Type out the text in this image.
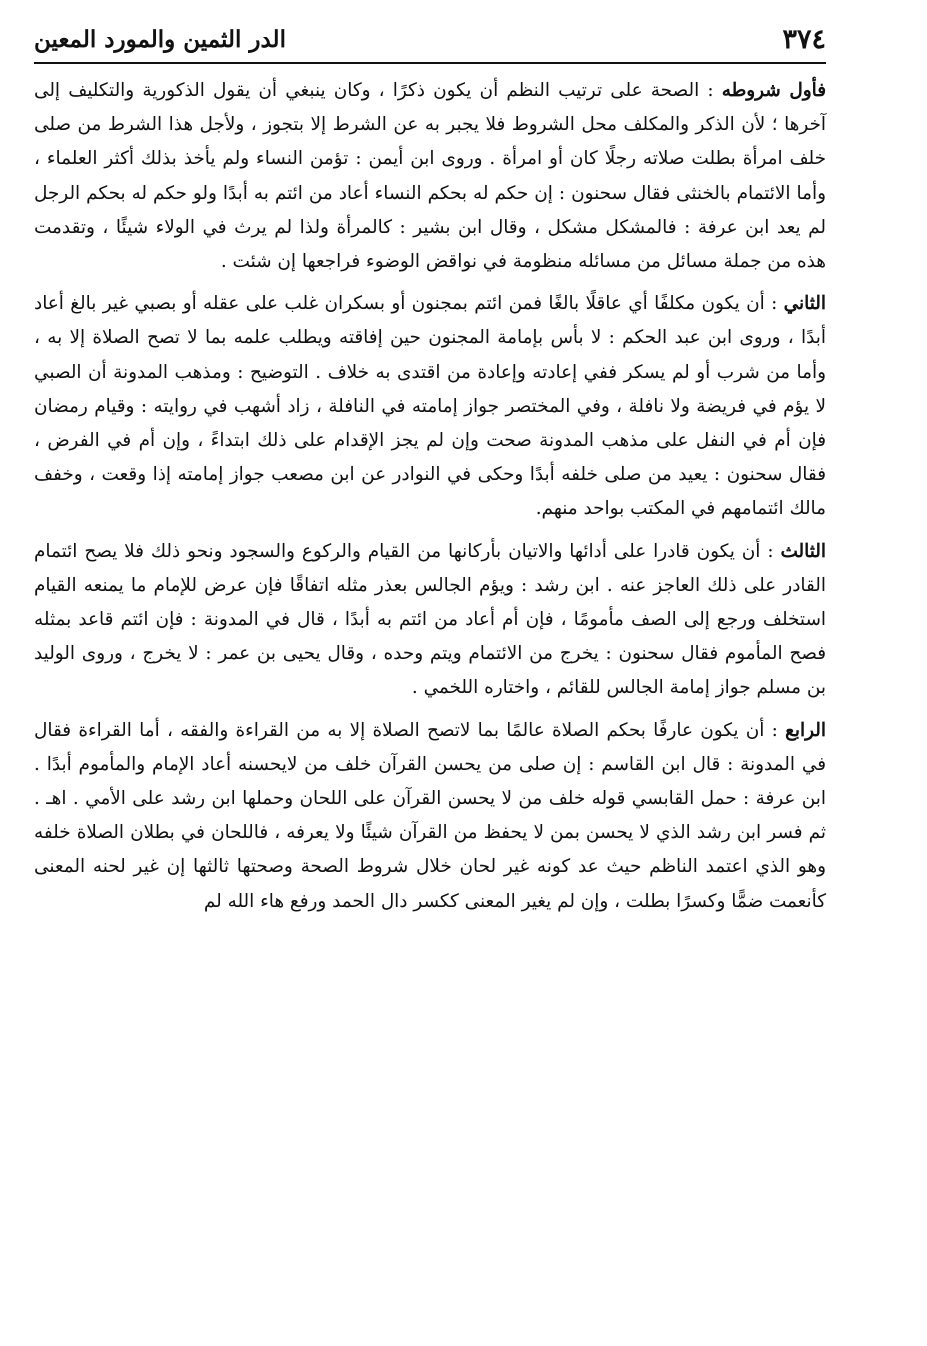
٣٧٤
الدر الثمين والمورد المعين

فأول شروطه : الصحة على ترتيب النظم أن يكون ذكرًا ، وكان ينبغي أن يقول الذكورية والتكليف إلى آخرها ؛ لأن الذكر والمكلف محل الشروط فلا يجبر به عن الشرط إلا بتجوز ، ولأجل هذا الشرط من صلى خلف امرأة بطلت صلاته رجلًا كان أو امرأة . وروى ابن أيمن : تؤمن النساء ولم يأخذ بذلك أكثر العلماء ، وأما الائتمام بالخنثى فقال سحنون : إن حكم له بحكم النساء أعاد من ائتم به أبدًا ولو حكم له بحكم الرجل لم يعد ابن عرفة : فالمشكل مشكل ، وقال ابن بشير : كالمرأة ولذا لم يرث في الولاء شيئًا ، وتقدمت هذه من جملة مسائل من مسائله منظومة في نواقض الوضوء فراجعها إن شئت .

الثاني : أن يكون مكلفًا أي عاقلًا بالغًا فمن ائتم بمجنون أو بسكران غلب على عقله أو بصبي غير بالغ أعاد أبدًا ، وروى ابن عبد الحكم : لا بأس بإمامة المجنون حين إفاقته ويطلب علمه بما لا تصح الصلاة إلا به ، وأما من شرب أو لم يسكر ففي إعادته وإعادة من اقتدى به خلاف . التوضيح : ومذهب المدونة أن الصبي لا يؤم في فريضة ولا نافلة ، وفي المختصر جواز إمامته في النافلة ، زاد أشهب في روايته : وقيام رمضان فإن أم في النفل على مذهب المدونة صحت وإن لم يجز الإقدام على ذلك ابتداءً ، وإن أم في الفرض ، فقال سحنون : يعيد من صلى خلفه أبدًا وحكى في النوادر عن ابن مصعب جواز إمامته إذا وقعت ، وخفف مالك ائتمامهم في المكتب بواحد منهم.

الثالث : أن يكون قادرا على أدائها والاتيان بأركانها من القيام والركوع والسجود ونحو ذلك فلا يصح ائتمام القادر على ذلك العاجز عنه . ابن رشد : ويؤم الجالس بعذر مثله اتفاقًا فإن عرض للإمام ما يمنعه القيام استخلف ورجع إلى الصف مأمومًا ، فإن أم أعاد من ائتم به أبدًا ، قال في المدونة : فإن ائتم قاعد بمثله فصح المأموم فقال سحنون : يخرج من الائتمام ويتم وحده ، وقال يحيى بن عمر : لا يخرج ، وروى الوليد بن مسلم جواز إمامة الجالس للقائم ، واختاره اللخمي .

الرابع : أن يكون عارفًا بحكم الصلاة عالمًا بما لاتصح الصلاة إلا به من القراءة والفقه ، أما القراءة فقال في المدونة : قال ابن القاسم : إن صلى من يحسن القرآن خلف من لايحسنه أعاد الإمام والمأموم أبدًا . ابن عرفة : حمل القابسي قوله خلف من لا يحسن القرآن على اللحان وحملها ابن رشد على الأمي . اهـ . ثم فسر ابن رشد الذي لا يحسن بمن لا يحفظ من القرآن شيئًا ولا يعرفه ، فاللحان في بطلان الصلاة خلفه وهو الذي اعتمد الناظم حيث عد كونه غير لحان خلال شروط الصحة وصحتها ثالثها إن غير لحنه المعنى كأنعمت ضمًّا وكسرًا بطلت ، وإن لم يغير المعنى ككسر دال الحمد ورفع هاء الله لم
